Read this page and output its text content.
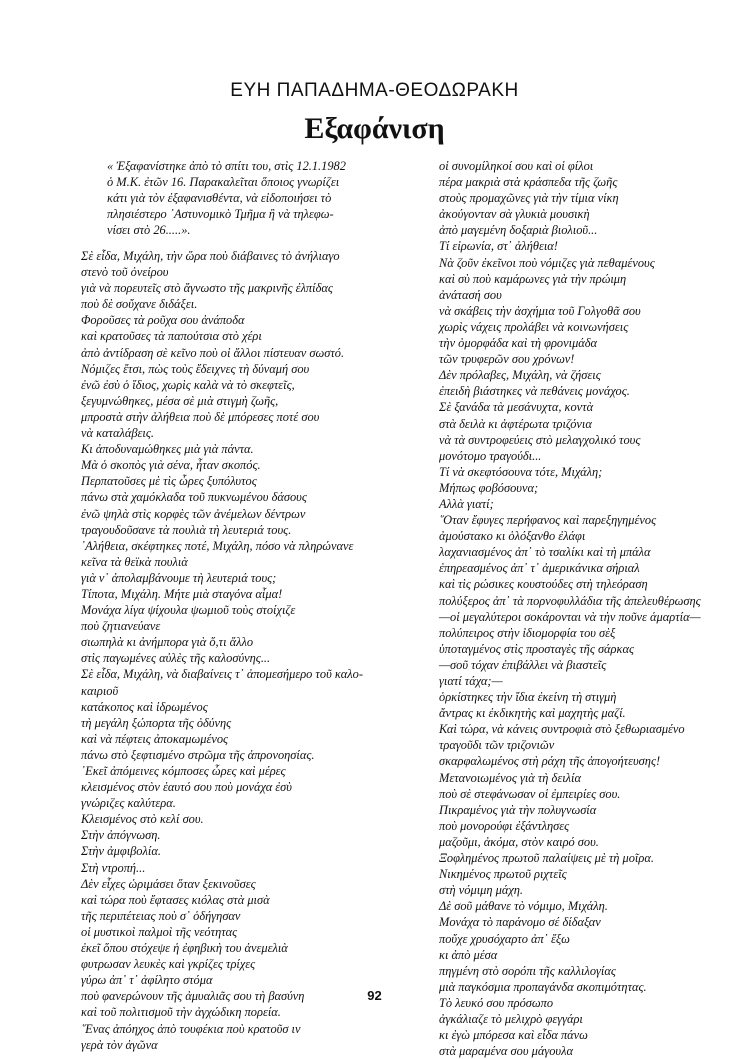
ΕΥΗ ΠΑΠΑΔΗΜΑ-ΘΕΟΔΩΡΑΚΗ
Εξαφάνιση
« Ἐξαφανίστηκε ἀπὸ τὸ σπίτι του, στὶς 12.1.1982
ὁ Μ.Κ. ἐτῶν 16. Παρακαλεῖται ὅποιος γνωρίζει
κάτι γιὰ τὸν ἐξαφανισθέντα, νὰ εἰδοποιήσει τὸ
πλησιέστερο ᾿Αστυνομικὸ Τμῆμα ἢ νὰ τηλεφω-
νίσει στὸ 26.....».
Σὲ εἶδα, Μιχάλη, τὴν ὥρα ποὺ διάβαινες τὸ ἀνήλιαγο
στενὸ τοῦ ὀνείρου
γιὰ νὰ πορευτεῖς στὸ ἄγνωστο τῆς μακρινῆς ἐλπίδας
ποὺ δὲ σοὔχανε διδάξει.
Φοροῦσες τὰ ροῦχα σου ἀνάποδα
καὶ κρατοῦσες τὰ παπούτσια στὸ χέρι
ἀπὸ ἀντίδραση σὲ κεῖνο ποὺ οἱ ἄλλοι πίστευαν σωστό.
Νόμιζες ἔτσι, πὼς τοὺς ἔδειχνες τὴ δύναμή σου
ἐνῶ ἐσὺ ὁ ἴδιος, χωρὶς καλὰ νὰ τὸ σκεφτεῖς,
ξεγυμνώθηκες, μέσα σὲ μιὰ στιγμὴ ζωῆς,
μπροστὰ στὴν ἀλήθεια ποὺ δὲ μπόρεσες ποτέ σου
νὰ καταλάβεις.
Κι ἀποδυναμώθηκες μιὰ γιὰ πάντα.
Μὰ ὁ σκοπὸς γιὰ σένα, ἦταν σκοπός.
Περπατοῦσες μὲ τὶς ὧρες ξυπόλυτος
πάνω στὰ χαμόκλαδα τοῦ πυκνωμένου δάσους
ἐνῶ ψηλὰ στὶς κορφὲς τῶν ἀνέμελων δέντρων
τραγουδοῦσανε τὰ πουλιὰ τὴ λευτεριά τους.
᾿Αλήθεια, σκέφτηκες ποτέ, Μιχάλη, πόσο νὰ πληρώνανε
κεῖνα τὰ θεϊκὰ πουλιὰ
γιὰ ν᾿ ἀπολαμβάνουμε τὴ λευτεριά τους;
Τίποτα, Μιχάλη. Μήτε μιὰ σταγόνα αἷμα!
Μονάχα λίγα ψίχουλα ψωμιοῦ τοὺς στοίχιζε
ποὺ ζητιανεύανε
σιωπηλὰ κι ἀνήμπορα γιὰ ὅ,τι ἄλλο
στὶς παγωμένες αὐλὲς τῆς καλοσύνης...
Σὲ εἶδα, Μιχάλη, νὰ διαβαίνεις τ᾿ ἀπομεσήμερο τοῦ καλο-
καιριοῦ
κατάκοπος καὶ ἱδρωμένος
τὴ μεγάλη ξώπορτα τῆς ὀδύνης
καὶ νὰ πέφτεις ἀποκαμωμένος
πάνω στὸ ξεφτισμένο στρῶμα τῆς ἀπρονοησίας.
᾿Εκεῖ ἀπόμεινες κόμποσες ὧρες καὶ μέρες
κλεισμένος στὸν ἑαυτό σου ποὺ μονάχα ἐσὺ
γνώριζες καλύτερα.
Κλεισμένος στὸ κελί σου.
Στὴν ἀπόγνωση.
Στὴν ἀμφιβολία.
Στὴ ντροπή...
Δὲν εἶχες ὡριμάσει ὅταν ξεκινοῦσες
καὶ τώρα ποὺ ἔφτασες κιόλας στὰ μισὰ
τῆς περιπέτειας ποὺ σ᾿ ὁδήγησαν
οἱ μυστικοὶ παλμοὶ τῆς νεότητας
ἐκεῖ ὅπου στόχεψε ἡ ἐφηβικὴ του ἀνεμελιὰ
φυτρωσαν λευκὲς καὶ γκρίζες τρίχες
γύρω ἀπ᾿ τ᾿ ἀφίλητο στόμα
ποὺ φανερώνουν τῆς ἀμυαλιᾶς σου τὴ βασύνη
καὶ τοῦ πολιτισμοῦ τὴν ἀγχώδικη πορεία.
῞Ενας ἀπόηχος ἀπὸ τουφέκια ποὺ κρατοῦσ ιν
γερὰ τὸν ἀγῶνα
οἱ συνομίληκοί σου καὶ οἱ φίλοι
πέρα μακριὰ στὰ κράσπεδα τῆς ζωῆς
στοὺς προμαχῶνες γιὰ τὴν τίμια νίκη
ἀκούγονταν σὰ γλυκιὰ μουσικὴ
ἀπὸ μαγεμένη δοξαριὰ βιολιοῦ...
Τί εἰρωνία, στ᾿ ἀλήθεια!
Νὰ ζοῦν ἐκεῖνοι ποὺ νόμιζες γιὰ πεθαμένους
καὶ σὺ ποὺ καμάρωνες γιὰ τὴν πρώιμη
ἀνάτασή σου
νὰ σκάβεις τὴν ἀσχήμια τοῦ Γολγοθᾶ σου
χωρὶς νάχεις προλάβει νὰ κοινωνήσεις
τὴν ὀμορφάδα καὶ τὴ φρονιμάδα
τῶν τρυφερῶν σου χρόνων!
Δὲν πρόλαβες, Μιχάλη, νὰ ζήσεις
ἐπειδὴ βιάστηκες νὰ πεθάνεις μονάχος.
Σὲ ξανάδα τὰ μεσάνυχτα, κοντὰ
στὰ δειλὰ κι ἀφτέρωτα τριζόνια
νὰ τὰ συντροφεύεις στὸ μελαγχολικό τους
μονότομο τραγούδι...
Τί νὰ σκεφτόσουνα τότε, Μιχάλη;
Μήπως φοβόσουνα;
Αλλὰ γιατί;
῞Οταν ἔφυγες περήφανος καὶ παρεξηγημένος
ἀμούστακο κι ὁλόξανθο ἐλάφι
λαχανιασμένος ἀπ᾿ τὸ τσαλίκι καὶ τὴ μπάλα
ἐπηρεασμένος ἀπ᾿ τ᾿ ἀμερικάνικα σήριαλ
καὶ τὶς ρώσικες κουστούδες στὴ τηλεόραση
πολύξερος ἀπ᾿ τὰ πορνοφυλλάδια τῆς ἀπελευθέρωσης
—οἱ μεγαλύτεροι σοκάρονται νὰ τὴν ποῦνε ἁμαρτία—
πολύπειρος στὴν ἰδιομορφία του σὲξ
ὑποταγμένος στὶς προσταγὲς τῆς σάρκας
—σοῦ τόχαν ἐπιβάλλει νὰ βιαστεῖς
γιατί τάχα;—
ὁρκίστηκες τὴν ἴδια ἐκείνη τὴ στιγμὴ
ἄντρας κι ἐκδικητὴς καὶ μαχητὴς μαζί.
Καὶ τώρα, νὰ κάνεις συντροφιὰ στὸ ξεθωριασμένο
τραγοῦδι τῶν τριζονιῶν
σκαρφαλωμένος στὴ ράχη τῆς ἀπογοήτευσης!
Μετανοιωμένος γιὰ τὴ δειλία
ποὺ σὲ στεφάνωσαν οἱ ἐμπειρίες σου.
Πικραμένος γιὰ τὴν πολυγνωσία
ποὺ μονορούφι ἐξάντλησες
μαζοῦμι, ἀκόμα, στὸν καιρό σου.
Ξοφλημένος πρωτοῦ παλαίψεις μὲ τὴ μοῖρα.
Νικημένος πρωτοῦ ριχτεῖς
στὴ νόμιμη μάχη.
Δὲ σοῦ μάθανε τὸ νόμιμο, Μιχάλη.
Μονάχα τὸ παράνομο σέ δίδαξαν
ποὔχε χρυσόχαρτο ἀπ᾿ ἔξω
κι ἀπὸ μέσα
πηγμένη στὸ σορόπι τῆς καλλιλογίας
μιὰ παγκόσμια προπαγάνδα σκοπιμότητας.
Τὸ λευκό σου πρόσωπο
ἀγκάλιαζε τὸ μελιχρὸ φεγγάρι
κι ἐγὼ μπόρεσα καὶ εἶδα πάνω
στὰ μαραμένα σου μάγουλα
92
